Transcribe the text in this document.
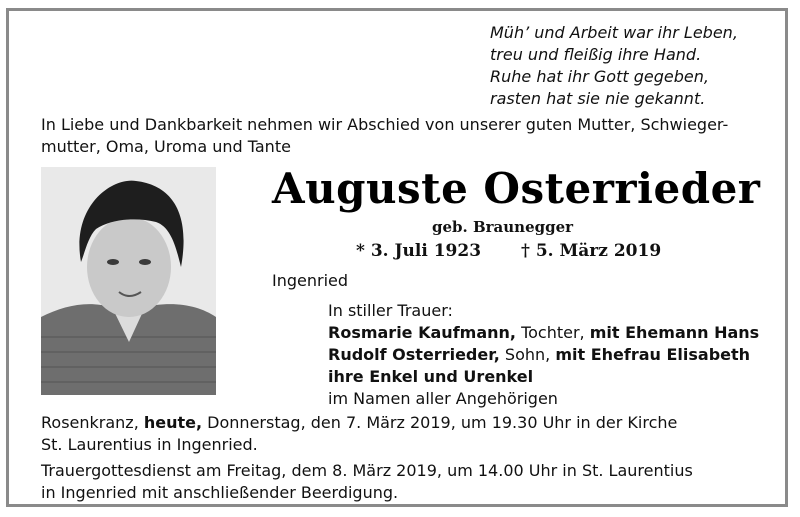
Müh’ und Arbeit war ihr Leben,
treu und fleißig ihre Hand.
Ruhe hat ihr Gott gegeben,
rasten hat sie nie gekannt.
In Liebe und Dankbarkeit nehmen wir Abschied von unserer guten Mutter, Schwieger-
mutter, Oma, Uroma und Tante
Auguste Osterrieder
geb. Braunegger
* 3. Juli 1923 † 5. März 2019
Ingenried
In stiller Trauer:
Rosmarie Kaufmann, Tochter, mit Ehemann Hans
Rudolf Osterrieder, Sohn, mit Ehefrau Elisabeth
ihre Enkel und Urenkel
im Namen aller Angehörigen
Rosenkranz, heute, Donnerstag, den 7. März 2019, um 19.30 Uhr in der Kirche
St. Laurentius in Ingenried.
Trauergottesdienst am Freitag, dem 8. März 2019, um 14.00 Uhr in St. Laurentius
in Ingenried mit anschließender Beerdigung.
